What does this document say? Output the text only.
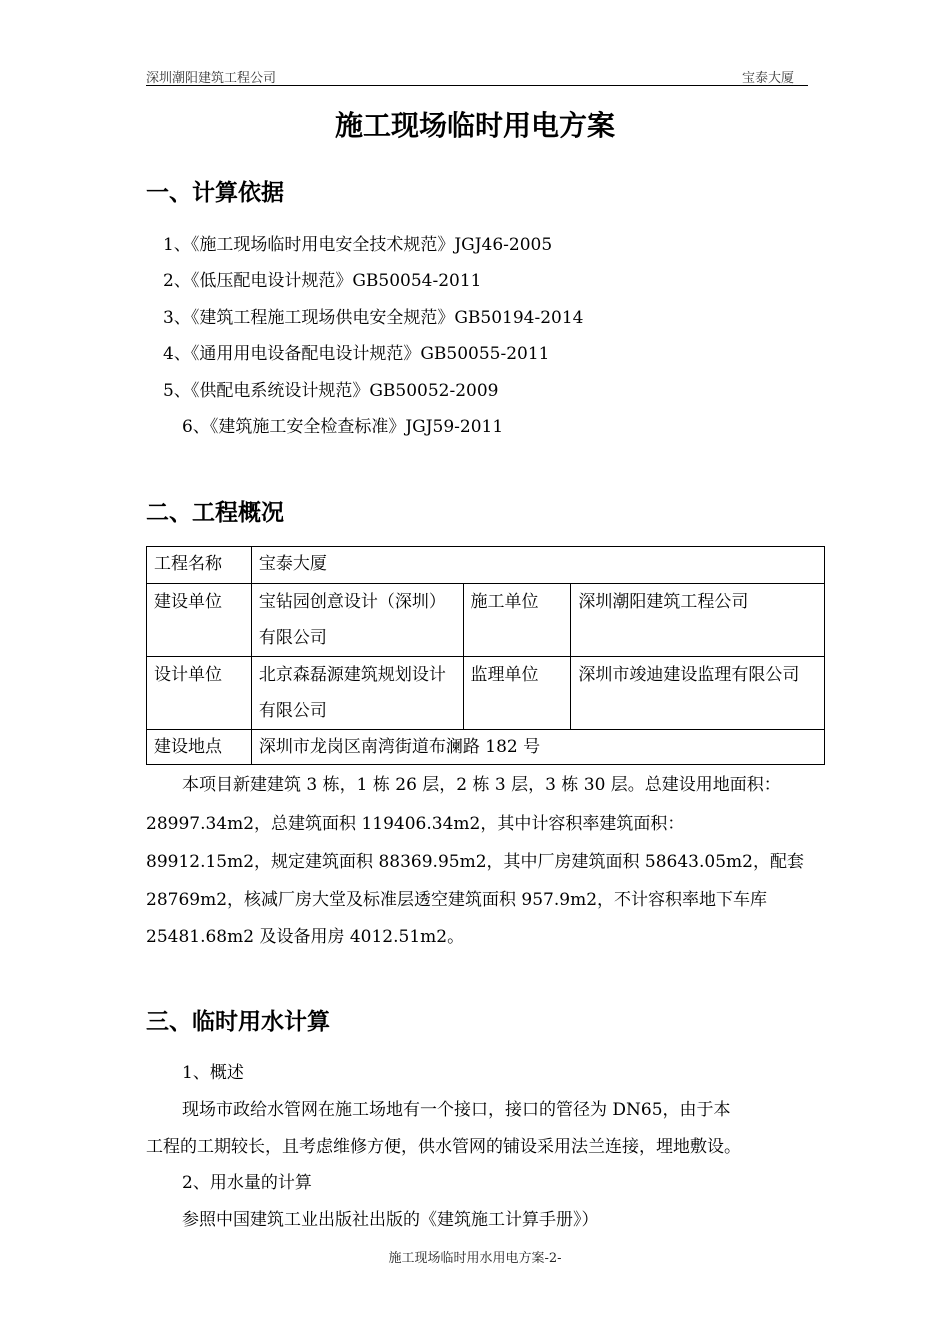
深圳潮阳建筑工程公司	宝泰大厦
施工现场临时用电方案
一、计算依据
1、《施工现场临时用电安全技术规范》JGJ46-2005
2、《低压配电设计规范》GB50054-2011
3、《建筑工程施工现场供电安全规范》GB50194-2014
4、《通用用电设备配电设计规范》GB50055-2011
5、《供配电系统设计规范》GB50052-2009
6、《建筑施工安全检查标准》JGJ59-2011
二、工程概况
工程名称	宝泰大厦		
建设单位	宝钻园创意设计（深圳）有限公司	施工单位	深圳潮阳建筑工程公司
设计单位	北京森磊源建筑规划设计有限公司	监理单位	深圳市竣迪建设监理有限公司
建设地点	深圳市龙岗区南湾街道布澜路 182 号		
本项目新建建筑 3 栋，1 栋 26 层，2 栋 3 层，3 栋 30 层。总建设用地面积：
28997.34m2，总建筑面积 119406.34m2，其中计容积率建筑面积：
89912.15m2，规定建筑面积 88369.95m2，其中厂房建筑面积 58643.05m2，配套
28769m2，核减厂房大堂及标准层透空建筑面积 957.9m2，不计容积率地下车库
25481.68m2 及设备用房 4012.51m2。
三、临时用水计算
1、概述
现场市政给水管网在施工场地有一个接口，接口的管径为 DN65，由于本
工程的工期较长，且考虑维修方便，供水管网的铺设采用法兰连接，埋地敷设。
2、用水量的计算
参照中国建筑工业出版社出版的《建筑施工计算手册》）
施工现场临时用水用电方案-2-
